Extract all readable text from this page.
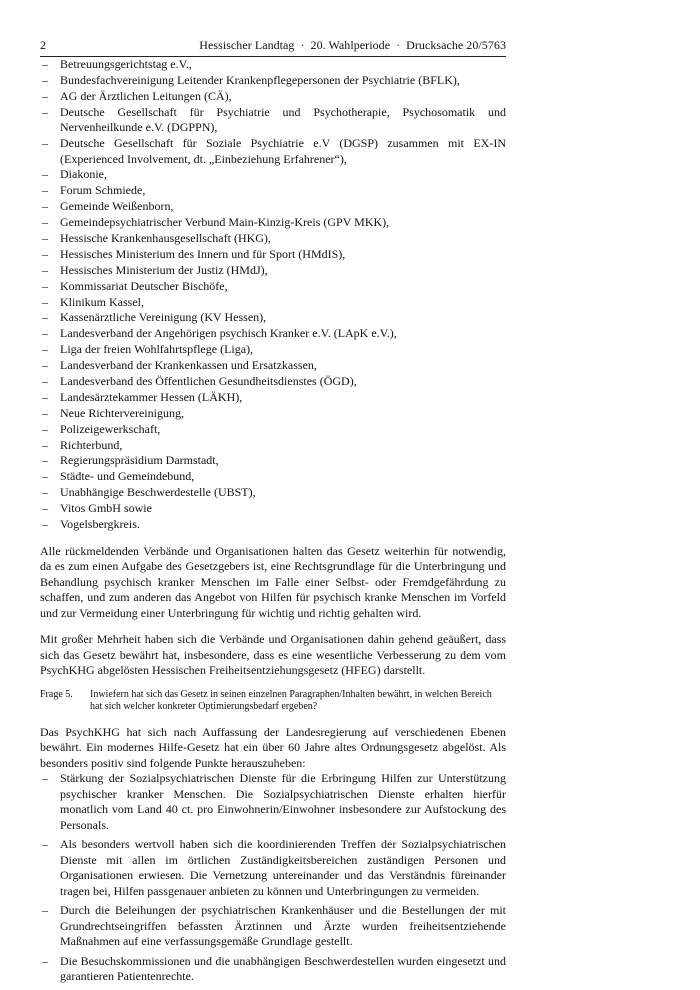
2	Hessischer Landtag · 20. Wahlperiode · Drucksache 20/5763
– Betreuungsgerichtstag e.V.,
– Bundesfachvereinigung Leitender Krankenpflegepersonen der Psychiatrie (BFLK),
– AG der Ärztlichen Leitungen (CÄ),
– Deutsche Gesellschaft für Psychiatrie und Psychotherapie, Psychosomatik und Nervenheilkunde e.V. (DGPPN),
– Deutsche Gesellschaft für Soziale Psychiatrie e.V (DGSP) zusammen mit EX-IN (Experienced Involvement, dt. „Einbeziehung Erfahrener“),
– Diakonie,
– Forum Schmiede,
– Gemeinde Weißenborn,
– Gemeindepsychiatrischer Verbund Main-Kinzig-Kreis (GPV MKK),
– Hessische Krankenhausgesellschaft (HKG),
– Hessisches Ministerium des Innern und für Sport (HMdIS),
– Hessisches Ministerium der Justiz (HMdJ),
– Kommissariat Deutscher Bischöfe,
– Klinikum Kassel,
– Kassenärztliche Vereinigung (KV Hessen),
– Landesverband der Angehörigen psychisch Kranker e.V. (LApK e.V.),
– Liga der freien Wohlfahrtspflege (Liga),
– Landesverband der Krankenkassen und Ersatzkassen,
– Landesverband des Öffentlichen Gesundheitsdienstes (ÖGD),
– Landesärztekammer Hessen (LÄKH),
– Neue Richtervereinigung,
– Polizeigewerkschaft,
– Richterbund,
– Regierungspräsidium Darmstadt,
– Städte- und Gemeindebund,
– Unabhängige Beschwerdestelle (UBST),
– Vitos GmbH sowie
– Vogelsbergkreis.

Alle rückmeldenden Verbände und Organisationen halten das Gesetz weiterhin für notwendig, da es zum einen Aufgabe des Gesetzgebers ist, eine Rechtsgrundlage für die Unterbringung und Behandlung psychisch kranker Menschen im Falle einer Selbst- oder Fremdgefährdung zu schaffen, und zum anderen das Angebot von Hilfen für psychisch kranke Menschen im Vorfeld und zur Vermeidung einer Unterbringung für wichtig und richtig gehalten wird.

Mit großer Mehrheit haben sich die Verbände und Organisationen dahin gehend geäußert, dass sich das Gesetz bewährt hat, insbesondere, dass es eine wesentliche Verbesserung zu dem vom PsychKHG abgelösten Hessischen Freiheitsentziehungsgesetz (HFEG) darstellt.

Frage 5.	Inwiefern hat sich das Gesetz in seinen einzelnen Paragraphen/Inhalten bewährt, in welchen Bereich hat sich welcher konkreter Optimierungsbedarf ergeben?

Das PsychKHG hat sich nach Auffassung der Landesregierung auf verschiedenen Ebenen bewährt. Ein modernes Hilfe-Gesetz hat ein über 60 Jahre altes Ordnungsgesetz abgelöst. Als besonders positiv sind folgende Punkte herauszuheben:

– Stärkung der Sozialpsychiatrischen Dienste für die Erbringung Hilfen zur Unterstützung psychischer kranker Menschen. Die Sozialpsychiatrischen Dienste erhalten hierfür monatlich vom Land 40 ct. pro Einwohnerin/Einwohner insbesondere zur Aufstockung des Personals.
– Als besonders wertvoll haben sich die koordinierenden Treffen der Sozialpsychiatrischen Dienste mit allen im örtlichen Zuständigkeitsbereichen zuständigen Personen und Organisationen erwiesen. Die Vernetzung untereinander und das Verständnis füreinander tragen bei, Hilfen passgenauer anbieten zu können und Unterbringungen zu vermeiden.
– Durch die Beleihungen der psychiatrischen Krankenhäuser und die Bestellungen der mit Grundrechtseingriffen befassten Ärztinnen und Ärzte wurden freiheitsentziehende Maßnahmen auf eine verfassungsgemäße Grundlage gestellt.
– Die Besuchskommissionen und die unabhängigen Beschwerdestellen wurden eingesetzt und garantieren Patientenrechte.
